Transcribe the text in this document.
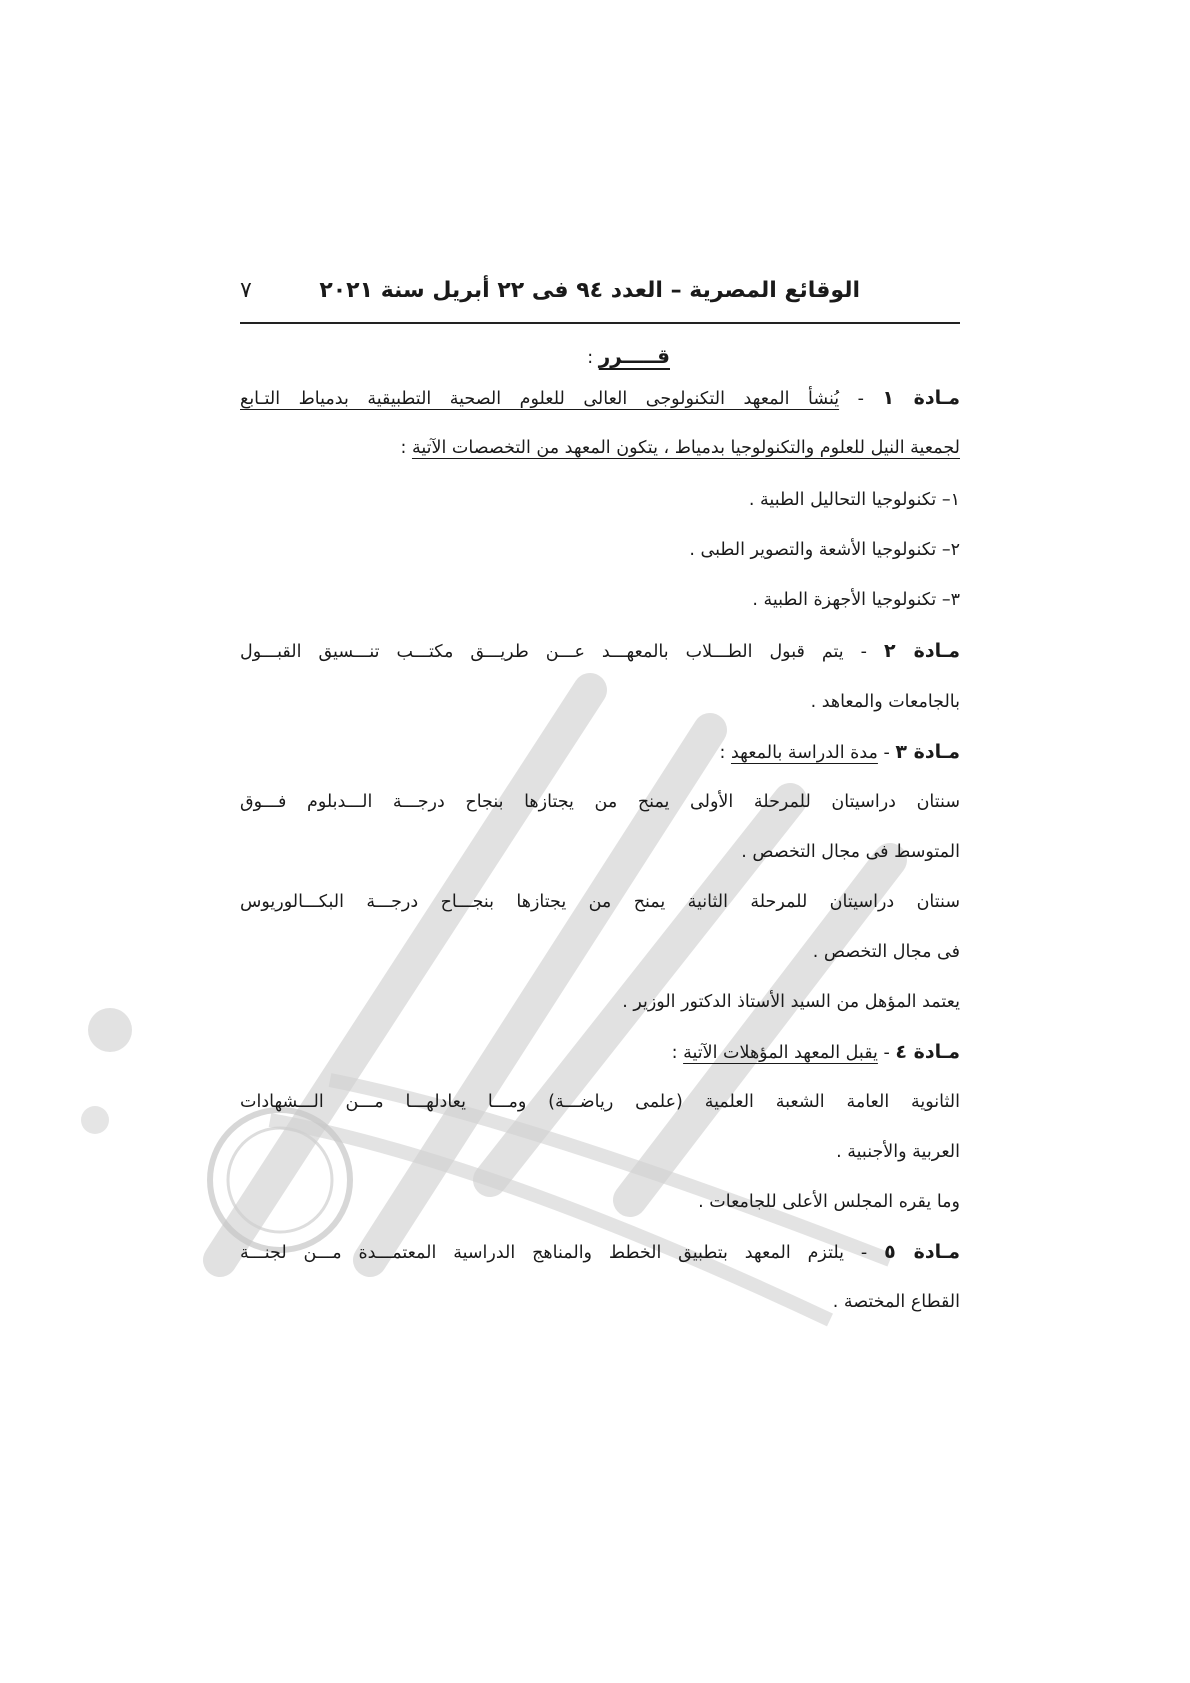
الوقائع المصرية – العدد ٩٤ فى ٢٢ أبريل سنة ٢٠٢١
٧
قـــــرر :
مـادة ١ - يُنشأ المعهد التكنولوجى العالى للعلوم الصحية التطبيقية بدمياط التـابع
لجمعية النيل للعلوم والتكنولوجيا بدمياط ، يتكون المعهد من التخصصات الآتية :
١– تكنولوجيا التحاليل الطبية .
٢– تكنولوجيا الأشعة والتصوير الطبى .
٣– تكنولوجيا الأجهزة الطبية .
مـادة ٢ - يتم قبول الطـــلاب بالمعهـــد عـــن طريـــق مكتـــب تنـــسيق القبـــول
بالجامعات والمعاهد .
مـادة ٣ - مدة الدراسة بالمعهد :
سنتان دراسيتان للمرحلة الأولى يمنح من يجتازها بنجاح درجـــة الـــدبلوم فـــوق
المتوسط فى مجال التخصص .
سنتان دراسيتان للمرحلة الثانية يمنح من يجتازها بنجـــاح درجـــة البكـــالوريوس
فى مجال التخصص .
يعتمد المؤهل من السيد الأستاذ الدكتور الوزير .
مـادة ٤ - يقبل المعهد المؤهلات الآتية :
الثانوية العامة الشعبة العلمية (علمى رياضـــة) ومـــا يعادلهـــا مـــن الـــشهادات
العربية والأجنبية .
وما يقره المجلس الأعلى للجامعات .
مـادة ٥ - يلتزم المعهد بتطبيق الخطط والمناهج الدراسية المعتمـــدة مـــن لجنـــة
القطاع المختصة .
